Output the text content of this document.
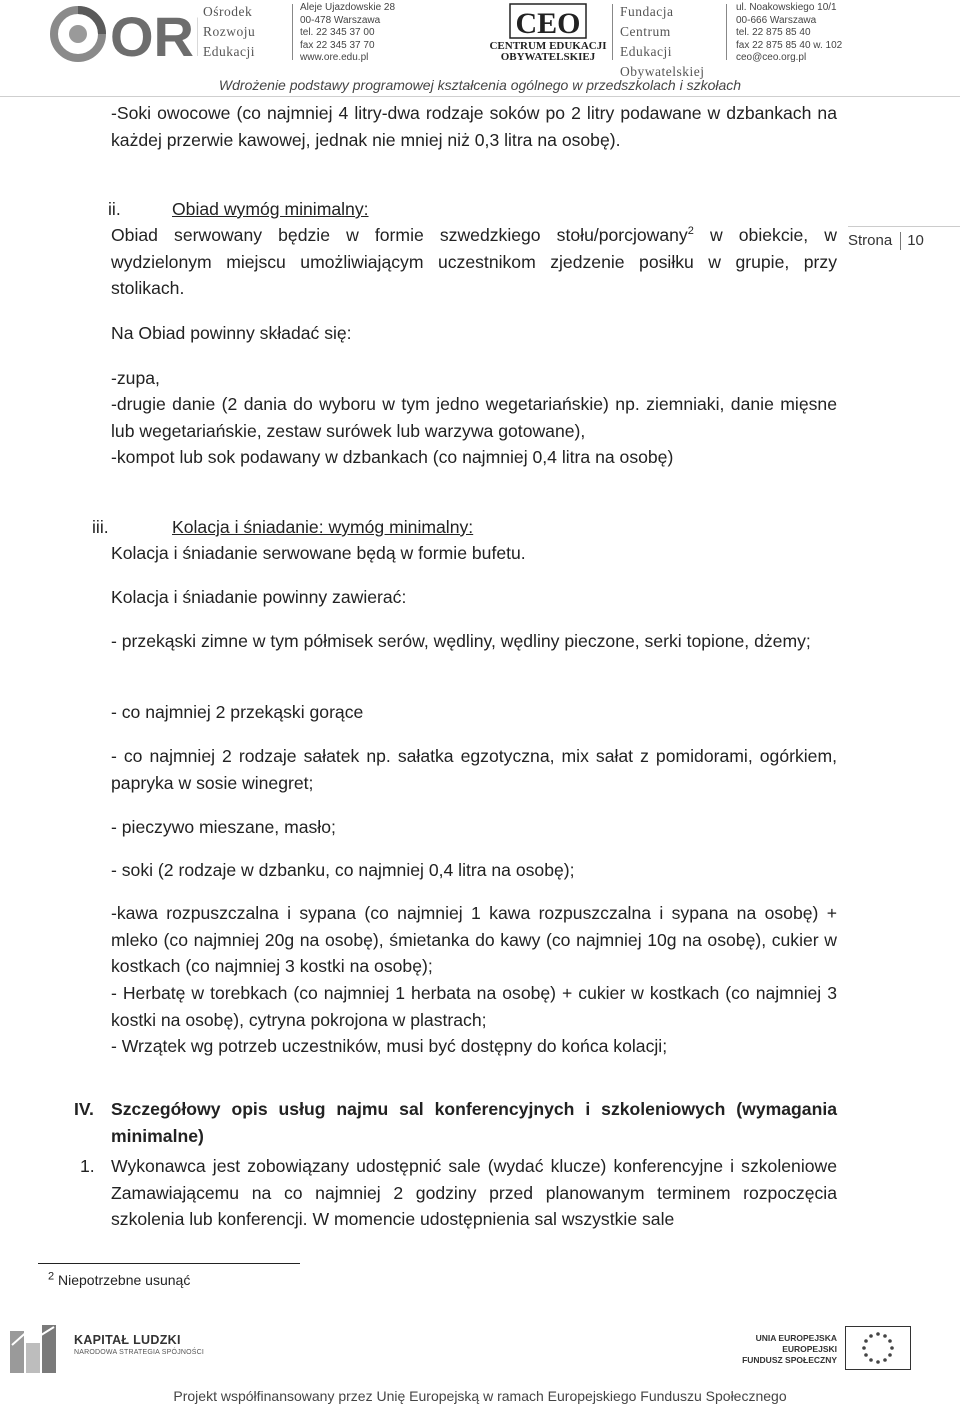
OR Ośrodek
Rozwoju
Edukacji
Aleje Ujazdowskie 28
00-478 Warszawa
tel. 22 345 37 00
fax 22 345 37 70
www.ore.edu.pl
CEO
CENTRUM EDUKACJI
OBYWATELSKIEJ
Fundacja
Centrum
Edukacji
Obywatelskiej
ul. Noakowskiego 10/1
00-666 Warszawa
tel. 22 875 85 40
fax 22 875 85 40 w. 102
ceo@ceo.org.pl
Wdrożenie podstawy programowej kształcenia ogólnego w przedszkolach i szkołach
Strona 10
-Soki owocowe (co najmniej 4 litry-dwa rodzaje soków po 2 litry podawane w dzbankach na każdej przerwie kawowej, jednak nie mniej niż 0,3 litra na osobę).
ii.	Obiad wymóg minimalny:
Obiad serwowany będzie w formie szwedzkiego stołu/porcjowany$^2$ w obiekcie, w wydzielonym miejscu umożliwiającym uczestnikom zjedzenie posiłku w grupie, przy stolikach.
Na Obiad powinny składać się:
-zupa,
-drugie danie (2 dania do wyboru w tym jedno wegetariańskie) np. ziemniaki, danie mięsne lub wegetariańskie, zestaw surówek lub warzywa gotowane),
-kompot lub sok podawany w dzbankach (co najmniej 0,4 litra na osobę)
iii.	Kolacja i śniadanie: wymóg minimalny:
Kolacja i śniadanie serwowane będą w formie bufetu.
Kolacja i śniadanie powinny zawierać:
- przekąski zimne w tym półmisek serów, wędliny, wędliny pieczone, serki topione, dżemy;
- co najmniej 2 przekąski gorące
- co najmniej 2 rodzaje sałatek np. sałatka egzotyczna, mix sałat z pomidorami, ogórkiem, papryka w sosie winegret;
- pieczywo mieszane, masło;
- soki (2 rodzaje w dzbanku, co najmniej 0,4 litra na osobę);
-kawa rozpuszczalna i sypana (co najmniej 1 kawa rozpuszczalna i sypana na osobę) + mleko (co najmniej 20g na osobę), śmietanka do kawy (co najmniej 10g na osobę), cukier w kostkach (co najmniej 3 kostki na osobę);
- Herbatę w torebkach (co najmniej 1 herbata na osobę) + cukier w kostkach (co najmniej 3 kostki na osobę), cytryna pokrojona w plastrach;
- Wrzątek wg potrzeb uczestników, musi być dostępny do końca kolacji;
IV. Szczegółowy opis usług najmu sal konferencyjnych i szkoleniowych (wymagania minimalne)
1. Wykonawca jest zobowiązany udostępnić sale (wydać klucze) konferencyjne i szkoleniowe Zamawiającemu na co najmniej 2 godziny przed planowanym terminem rozpoczęcia szkolenia lub konferencji. W momencie udostępnienia sal wszystkie sale
$^2$ Niepotrzebne usunąć
KAPITAŁ LUDZKI
NARODOWA STRATEGIA SPÓJNOŚCI
UNIA EUROPEJSKA
EUROPEJSKI
FUNDUSZ SPOŁECZNY
Projekt współfinansowany przez Unię Europejską w ramach Europejskiego Funduszu Społecznego
